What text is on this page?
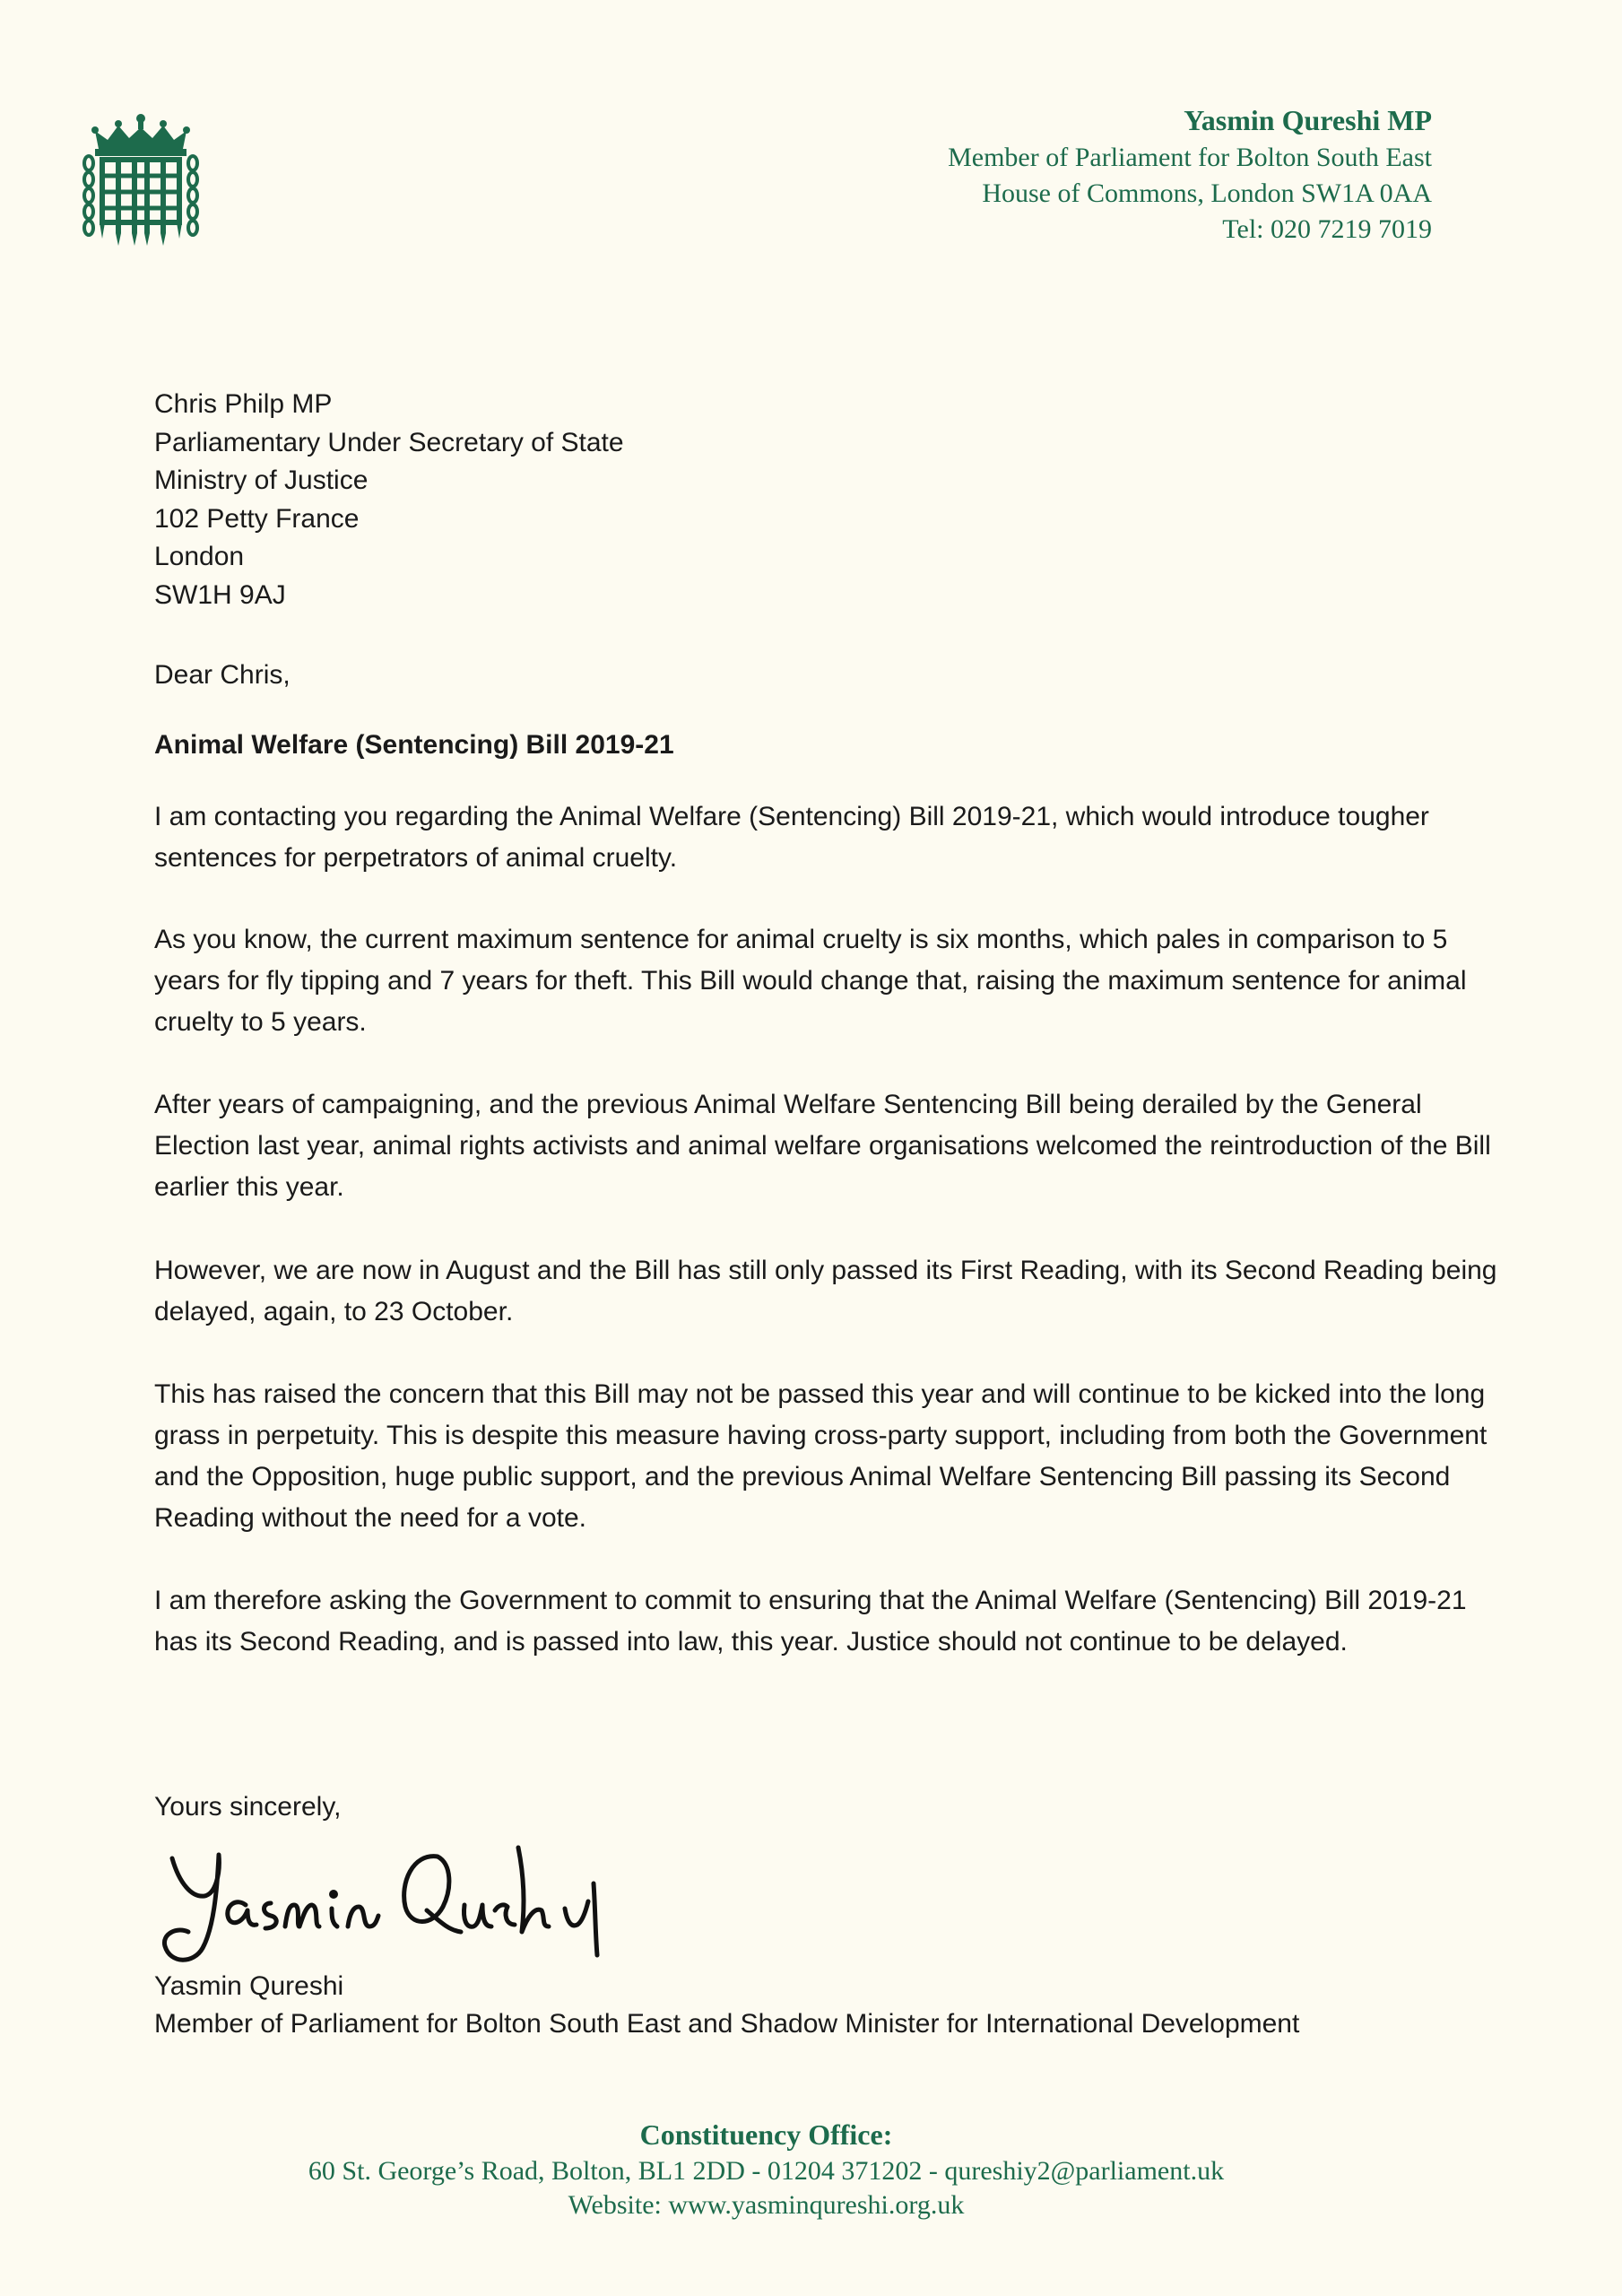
Yasmin Qureshi MP
Member of Parliament for Bolton South East
House of Commons, London SW1A 0AA
Tel: 020 7219 7019
Chris Philp MP
Parliamentary Under Secretary of State
Ministry of Justice
102 Petty France
London
SW1H 9AJ
Dear Chris,
Animal Welfare (Sentencing) Bill 2019-21

I am contacting you regarding the Animal Welfare (Sentencing) Bill 2019-21, which would introduce tougher sentences for perpetrators of animal cruelty.

As you know, the current maximum sentence for animal cruelty is six months, which pales in comparison to 5 years for fly tipping and 7 years for theft. This Bill would change that, raising the maximum sentence for animal cruelty to 5 years.

After years of campaigning, and the previous Animal Welfare Sentencing Bill being derailed by the General Election last year, animal rights activists and animal welfare organisations welcomed the reintroduction of the Bill earlier this year.

However, we are now in August and the Bill has still only passed its First Reading, with its Second Reading being delayed, again, to 23 October.

This has raised the concern that this Bill may not be passed this year and will continue to be kicked into the long grass in perpetuity. This is despite this measure having cross-party support, including from both the Government and the Opposition, huge public support, and the previous Animal Welfare Sentencing Bill passing its Second Reading without the need for a vote.

I am therefore asking the Government to commit to ensuring that the Animal Welfare (Sentencing) Bill 2019-21 has its Second Reading, and is passed into law, this year. Justice should not continue to be delayed.

Yours sincerely,
Yasmin Qureshi
Member of Parliament for Bolton South East and Shadow Minister for International Development
Constituency Office:
60 St. George’s Road, Bolton, BL1 2DD - 01204 371202 - qureshiy2@parliament.uk
Website: www.yasminqureshi.org.uk
